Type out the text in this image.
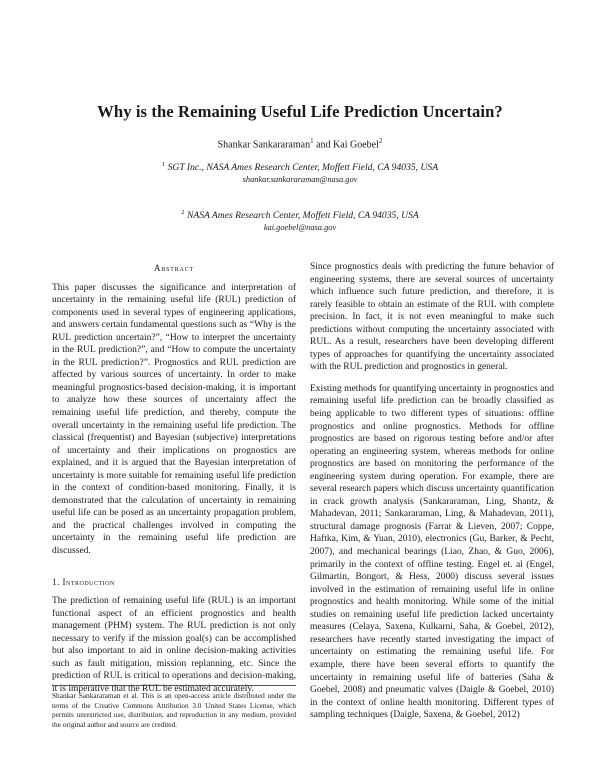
Why is the Remaining Useful Life Prediction Uncertain?
Shankar Sankararaman$^1$ and Kai Goebel$^2$
$^1$ SGT Inc., NASA Ames Research Center, Moffett Field, CA 94035, USA
shankar.sankararaman@nasa.gov
$^2$ NASA Ames Research Center, Moffett Field, CA 94035, USA
kai.goebel@nasa.gov

Abstract

This paper discusses the significance and interpretation of uncertainty in the remaining useful life (RUL) prediction of components used in several types of engineering applications, and answers certain fundamental questions such as “Why is the RUL prediction uncertain?”, “How to interpret the uncertainty in the RUL prediction?”, and “How to compute the uncertainty in the RUL prediction?”. Prognostics and RUL prediction are affected by various sources of uncertainty. In order to make meaningful prognostics-based decision-making, it is important to analyze how these sources of uncertainty affect the remaining useful life prediction, and thereby, compute the overall uncertainty in the remaining useful life prediction. The classical (frequentist) and Bayesian (subjective) interpretations of uncertainty and their implications on prognostics are explained, and it is argued that the Bayesian interpretation of uncertainty is more suitable for remaining useful life prediction in the context of condition-based monitoring. Finally, it is demonstrated that the calculation of uncertainty in remaining useful life can be posed as an uncertainty propagation problem, and the practical challenges involved in computing the uncertainty in the remaining useful life prediction are discussed.

1. Introduction

The prediction of remaining useful life (RUL) is an important functional aspect of an efficient prognostics and health management (PHM) system. The RUL prediction is not only necessary to verify if the mission goal(s) can be accomplished but also important to aid in online decision-making activities such as fault mitigation, mission replanning, etc. Since the prediction of RUL is critical to operations and decision-making, it is imperative that the RUL be estimated accurately.

Since prognostics deals with predicting the future behavior of engineering systems, there are several sources of uncertainty which influence such future prediction, and therefore, it is rarely feasible to obtain an estimate of the RUL with complete precision. In fact, it is not even meaningful to make such predictions without computing the uncertainty associated with RUL. As a result, researchers have been developing different types of approaches for quantifying the uncertainty associated with the RUL prediction and prognostics in general.

Existing methods for quantifying uncertainty in prognostics and remaining useful life prediction can be broadly classified as being applicable to two different types of situations: offline prognostics and online prognostics. Methods for offline prognostics are based on rigorous testing before and/or after operating an engineering system, whereas methods for online prognostics are based on monitoring the performance of the engineering system during operation. For example, there are several research papers which discuss uncertainty quantification in crack growth analysis (Sankararaman, Ling, Shantz, & Mahadevan, 2011; Sankararaman, Ling, & Mahadevan, 2011), structural damage prognosis (Farrar & Lieven, 2007; Coppe, Haftka, Kim, & Yuan, 2010), electronics (Gu, Barker, & Pecht, 2007), and mechanical bearings (Liao, Zhao, & Guo, 2006), primarily in the context of offline testing. Engel et. al (Engel, Gilmartin, Bongort, & Hess, 2000) discuss several issues involved in the estimation of remaining useful life in online prognostics and health monitoring. While some of the initial studies on remaining useful life prediction lacked uncertainty measures (Celaya, Saxena, Kulkarni, Saha, & Goebel, 2012), researchers have recently started investigating the impact of uncertainty on estimating the remaining useful life. For example, there have been several efforts to quantify the uncertainty in remaining useful life of batteries (Saha & Goebel, 2008) and pneumatic valves (Daigle & Goebel, 2010) in the context of online health monitoring. Different types of sampling techniques (Daigle, Saxena, & Goebel, 2012)

Shankar Sankararaman et al. This is an open-access article distributed under the terms of the Creative Commons Attribution 3.0 United States License, which permits unrestricted use, distribution, and reproduction in any medium, provided the original author and source are credited.
